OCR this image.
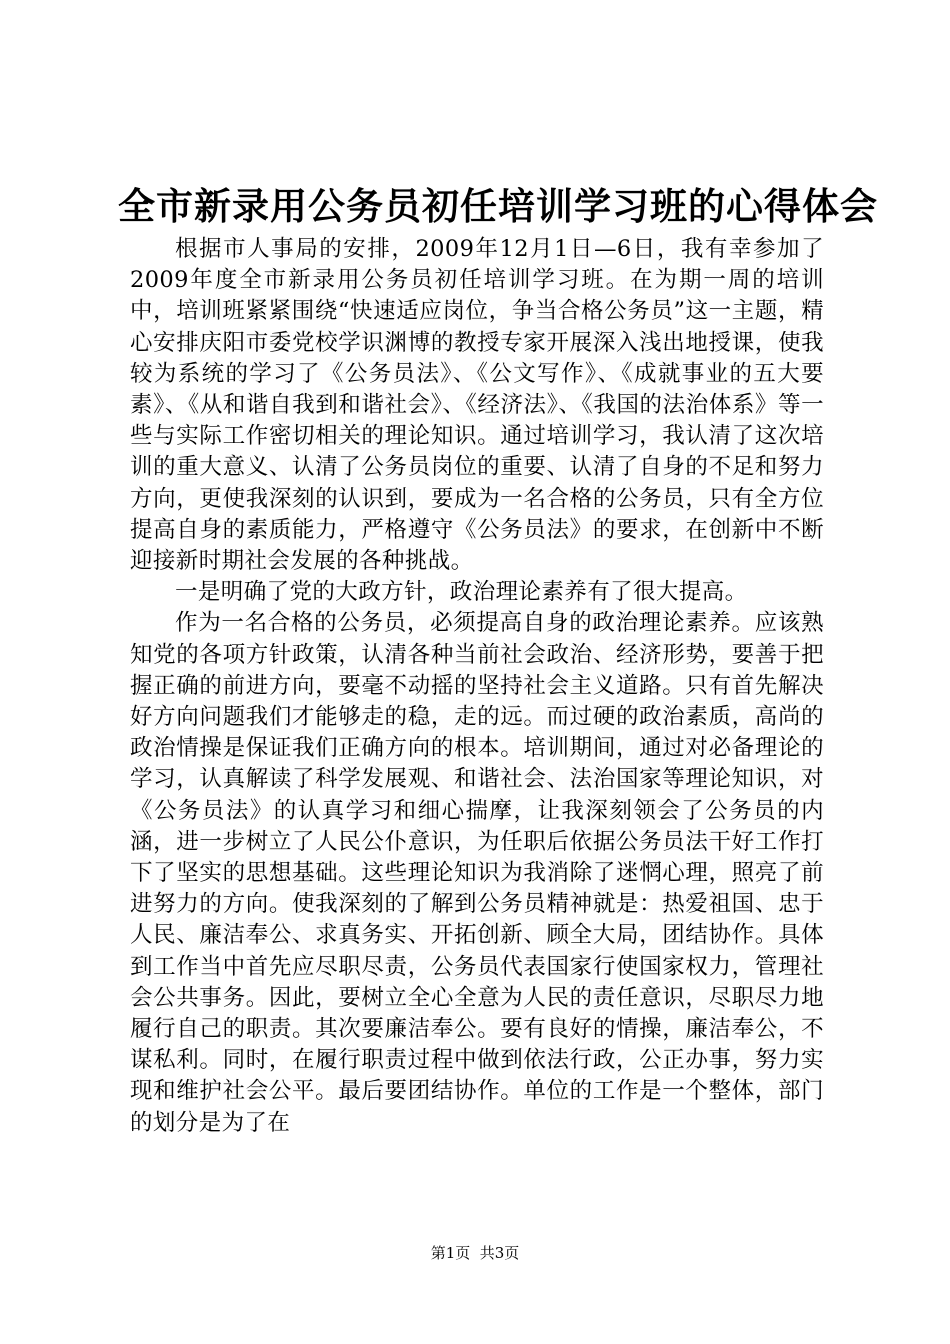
全市新录用公务员初任培训学习班的心得体会

根据市人事局的安排，2009年12月1日—6日，我有幸参加了2009年度全市新录用公务员初任培训学习班。在为期一周的培训中，培训班紧紧围绕“快速适应岗位，争当合格公务员”这一主题，精心安排庆阳市委党校学识渊博的教授专家开展深入浅出地授课，使我较为系统的学习了《公务员法》、《公文写作》、《成就事业的五大要素》、《从和谐自我到和谐社会》、《经济法》、《我国的法治体系》等一些与实际工作密切相关的理论知识。通过培训学习，我认清了这次培训的重大意义、认清了公务员岗位的重要、认清了自身的不足和努力方向，更使我深刻的认识到，要成为一名合格的公务员，只有全方位提高自身的素质能力，严格遵守《公务员法》的要求，在创新中不断迎接新时期社会发展的各种挑战。

一是明确了党的大政方针，政治理论素养有了很大提高。

作为一名合格的公务员，必须提高自身的政治理论素养。应该熟知党的各项方针政策，认清各种当前社会政治、经济形势，要善于把握正确的前进方向，要毫不动摇的坚持社会主义道路。只有首先解决好方向问题我们才能够走的稳，走的远。而过硬的政治素质，高尚的政治情操是保证我们正确方向的根本。培训期间，通过对必备理论的学习，认真解读了科学发展观、和谐社会、法治国家等理论知识，对《公务员法》的认真学习和细心揣摩，让我深刻领会了公务员的内涵，进一步树立了人民公仆意识，为任职后依据公务员法干好工作打下了坚实的思想基础。这些理论知识为我消除了迷惘心理，照亮了前进努力的方向。使我深刻的了解到公务员精神就是：热爱祖国、忠于人民、廉洁奉公、求真务实、开拓创新、顾全大局，团结协作。具体到工作当中首先应尽职尽责，公务员代表国家行使国家权力，管理社会公共事务。因此，要树立全心全意为人民的责任意识，尽职尽力地履行自己的职责。其次要廉洁奉公。要有良好的情操，廉洁奉公，不谋私利。同时，在履行职责过程中做到依法行政，公正办事，努力实现和维护社会公平。最后要团结协作。单位的工作是一个整体，部门的划分是为了在

第1页  共3页
